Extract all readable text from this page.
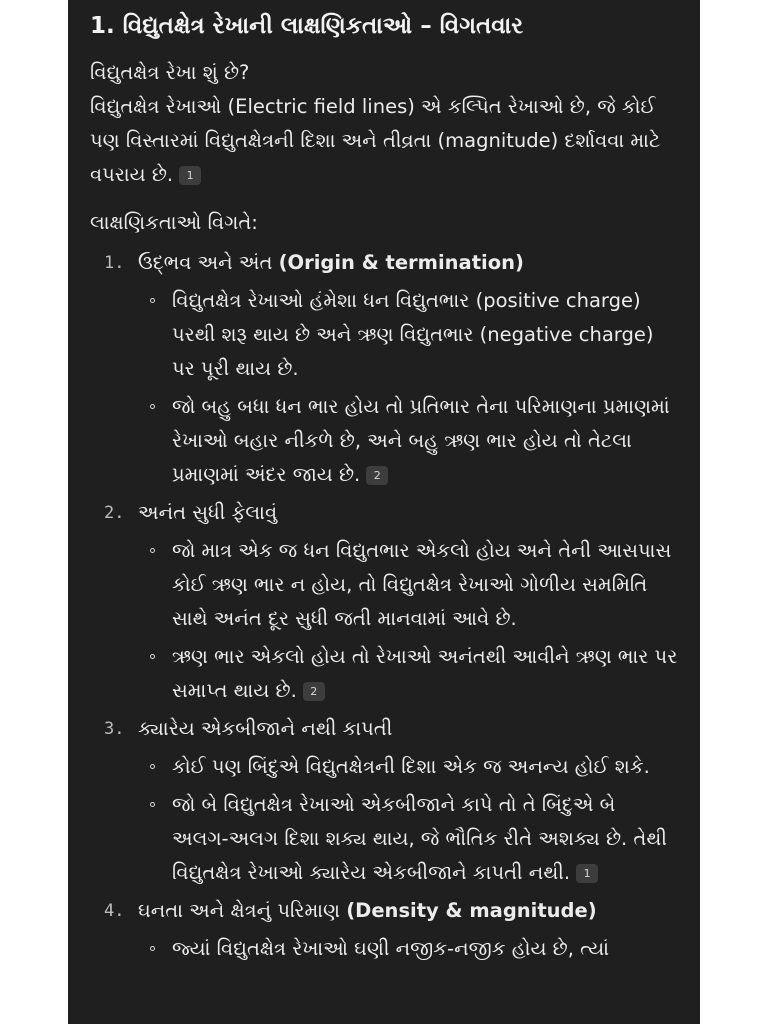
1. વિદ્યુતક્ષેત્ર રેખાની લાક્ષણિકતાઓ – વિગતવાર

વિદ્યુતક્ષેત્ર રેખા શું છે?

વિદ્યુતક્ષેત્ર રેખાઓ (Electric field lines) એ કલ્પિત રેખાઓ છે, જે કોઈ પણ વિસ્તારમાં વિદ્યુતક્ષેત્રની દિશા અને તીવ્રતા (magnitude) દર્શાવવા માટે વપરાય છે. 1

લાક્ષણિકતાઓ વિગતે:

1. ઉદ્ભવ અને અંત (Origin & termination)
વિદ્યુતક્ષેત્ર રેખાઓ હંમેશા ધન વિદ્યુતભાર (positive charge) પરથી શરૂ થાય છે અને ઋણ વિદ્યુતભાર (negative charge) પર પૂરી થાય છે.
જો બહુ બધા ધન ભાર હોય તો પ્રતિભાર તેના પરિમાણના પ્રમાણમાં રેખાઓ બહાર નીકળે છે, અને બહુ ઋણ ભાર હોય તો તેટલા પ્રમાણમાં અંદર જાય છે. 2
2. અનંત સુધી ફેલાવું
જો માત્ર એક જ ધન વિદ્યુતભાર એકલો હોય અને તેની આસપાસ કોઈ ઋણ ભાર ન હોય, તો વિદ્યુતક્ષેત્ર રેખાઓ ગોળીય સમમિતિ સાથે અનંત દૂર સુધી જતી માનવામાં આવે છે.
ઋણ ભાર એકલો હોય તો રેખાઓ અનંતથી આવીને ઋણ ભાર પર સમાપ્ત થાય છે. 2
3. ક્યારેય એકબીજાને નથી કાપતી
કોઈ પણ બિંદુએ વિદ્યુતક્ષેત્રની દિશા એક જ અનન્ય હોઈ શકે.
જો બે વિદ્યુતક્ષેત્ર રેખાઓ એકબીજાને કાપે તો તે બિંદુએ બે અલગ-અલગ દિશા શક્ય થાય, જે ભૌતિક રીતે અશક્ય છે. તેથી વિદ્યુતક્ષેત્ર રેખાઓ ક્યારેય એકબીજાને કાપતી નથી. 1
4. ઘનતા અને ક્ષેત્રનું પરિમાણ (Density & magnitude)
જ્યાં વિદ્યુતક્ષેત્ર રેખાઓ ઘણી નજીક-નજીક હોય છે, ત્યાં
